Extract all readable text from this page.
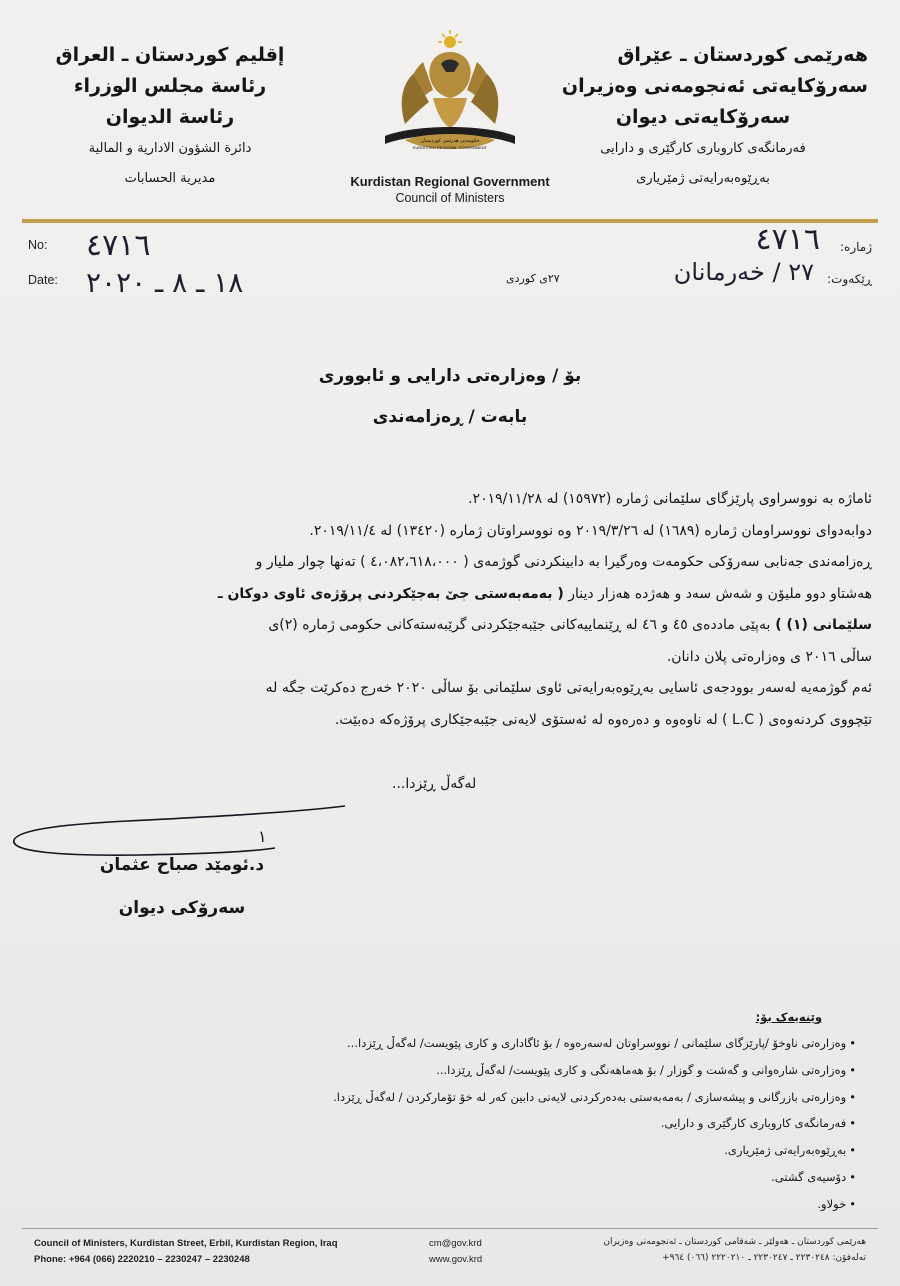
هەرێمی کوردستان ـ عێراق

سەرۆکایەتی ئەنجومەنی وەزیران

سەرۆکایەتی دیوان

فەرمانگەی کاروباری کارگێری و دارایی

بەڕێوەبەرایەتی ژمێریاری

إقليم كوردستان ـ العراق

رئاسة مجلس الوزراء

رئاسة الديوان

دائرة الشؤون الادارية و المالية

مديرية الحسابات

حکومەتی هەرێمی کوردستان
KURDISTAN REGIONAL GOVERNMENT
Kurdistan Regional Government
Council of Ministers
No:
Date:
٤٧١٦
١٨ ـ ٨ ـ ٢٠٢٠
ژمارە:
ڕێکەوت:
٤٧١٦
٢٧ / خەرمانان
٢٧ی کوردی
بۆ / وەزارەتی دارایی و ئابووری
بابەت / ڕەزامەندی

ئاماژە بە نووسراوی پارێزگای سلێمانی ژمارە (١٥٩٧٢) لە ٢٠١٩/١١/٢٨.

دوابەدوای نووسراومان ژمارە (١٦٨٩) لە ٢٠١٩/٣/٢٦ وە نووسراوتان ژمارە (١٣٤٢٠) لە ٢٠١٩/١١/٤.

ڕەزامەندی جەنابی سەرۆکی حکومەت وەرگیرا بە دابینکردنی گوژمەی ( ٤،٠٨٢،٦١٨،٠٠٠ ) تەنها چوار ملیار و

هەشتاو دوو ملیۆن و شەش سەد و هەژدە هەزار دینار ( بەمەبەستی جێ بەجێکردنی پرۆژەی ئاوی دوکان ـ

سلێمانی (١) ) بەپێی ماددەی ٤٥ و ٤٦ لە ڕێنماییەکانی جێبەجێکردنی گرێبەستەکانی حکومی ژمارە (٢)ی

ساڵی ٢٠١٦ ی وەزارەتی پلان دانان.

ئەم گوژمەیە لەسەر بوودجەی ئاسایی بەڕێوەبەرایەتی ئاوی سلێمانی بۆ ساڵی ٢٠٢٠ خەرج دەکرێت جگە لە

تێچووی کردنەوەی ( L.C ) لە ناوەوە و دەرەوە لە ئەستۆی لایەنی جێبەجێکاری پرۆژەکە دەبێت.

لەگەڵ ڕێزدا...
١
د.ئومێد صباح عثمان
سەرۆکی دیوان
وێنەیەک بۆ:
• وەزارەتی ناوخۆ /پارێزگای سلێمانی / نووسراوتان لەسەرەوە / بۆ ئاگاداری و کاری پێویست/ لەگەڵ ڕێزدا...
• وەزارەتی شارەوانی و گەشت و گوزار / بۆ هەماهەنگی و کاری پێویست/ لەگەڵ ڕێزدا...
• وەزارەتی بازرگانی و پیشەسازی / بەمەبەستی بەدەرکردنی لایەنی دابین کەر لە خۆ تۆمارکردن / لەگەڵ ڕێزدا.
• فەرمانگەی کاروباری کارگێری و دارایی.
• بەڕێوەبەرایەتی ژمێریاری.
• دۆسیەی گشتی.
• خولاو.
Council of Ministers, Kurdistan Street, Erbil, Kurdistan Region, Iraq
Phone: +964 (066) 2220210 – 2230247 – 2230248
cm@gov.krd
www.gov.krd
هەرێمی کوردستان ـ هەولێر ـ شەقامی کوردستان ـ ئەنجومەنی وەزیران
تەلەفۆن: ٢٢٣٠٢٤٨ ـ ٢٢٣٠٢٤٧ ـ ٢٢٢٠٢١٠ (٠٦٦) ٩٦٤+
